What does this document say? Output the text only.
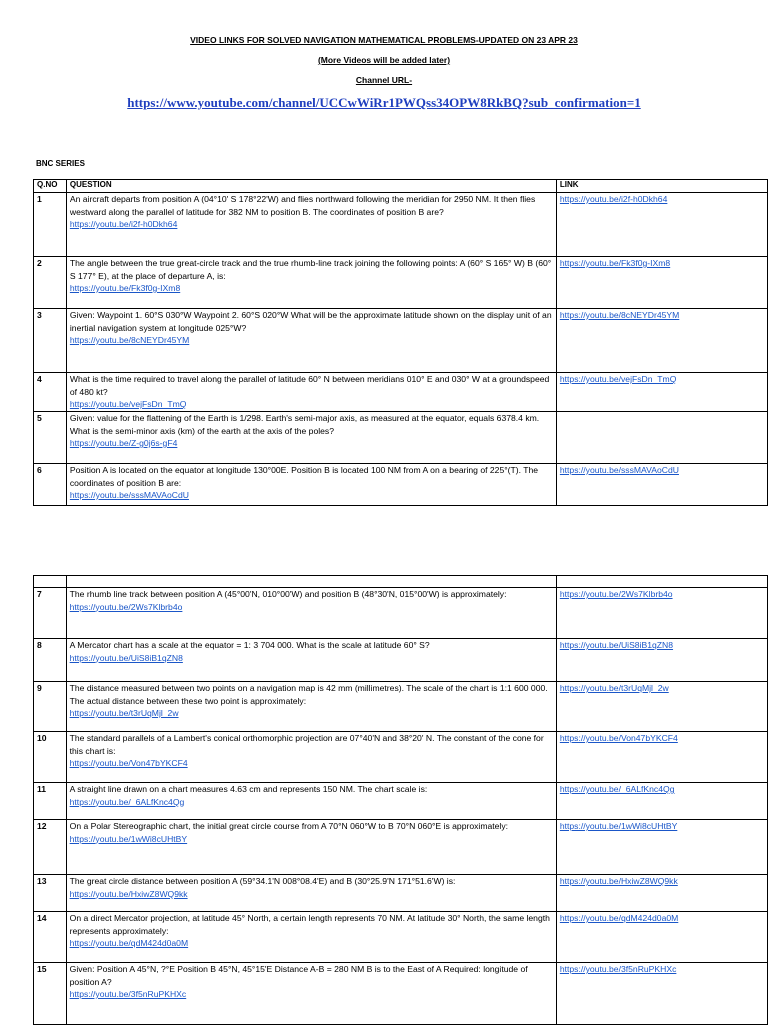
VIDEO LINKS FOR SOLVED NAVIGATION MATHEMATICAL PROBLEMS-UPDATED ON 23 APR 23
(More Videos will be added later)
Channel URL-
https://www.youtube.com/channel/UCCwWiRr1PWQss34OPW8RkBQ?sub_confirmation=1
BNC SERIES
Q.NO	QUESTION	LINK
1	An aircraft departs from position A (04°10' S 178°22'W) and flies northward following the meridian for 2950 NM. It then flies westward along the parallel of latitude for 382 NM to position B. The coordinates of position B are?
https://youtu.be/i2f-h0Dkh64	https://youtu.be/i2f-h0Dkh64

2	The angle between the true great-circle track and the true rhumb-line track joining the following points: A (60° S 165° W) B (60° S 177° E), at the place of departure A, is:
https://youtu.be/Fk3f0g-IXm8	https://youtu.be/Fk3f0g-IXm8

3	Given: Waypoint 1. 60°S 030°W Waypoint 2. 60°S 020°W What will be the approximate latitude shown on the display unit of an inertial navigation system at longitude 025°W?
https://youtu.be/8cNEYDr45YM	https://youtu.be/8cNEYDr45YM

4	What is the time required to travel along the parallel of latitude 60° N between meridians 010° E and 030° W at a groundspeed of 480 kt?
https://youtu.be/vejFsDn_TmQ	https://youtu.be/vejFsDn_TmQ

5	Given: value for the flattening of the Earth is 1/298. Earth's semi-major axis, as measured at the equator, equals 6378.4 km. What is the semi-minor axis (km) of the earth at the axis of the poles?
https://youtu.be/Z-g0j6s-gF4	

6	Position A is located on the equator at longitude 130°00E. Position B is located 100 NM from A on a bearing of 225°(T). The coordinates of position B are:
https://youtu.be/sssMAVAoCdU	https://youtu.be/sssMAVAoCdU

7	The rhumb line track between position A (45°00'N, 010°00'W) and position B (48°30'N, 015°00'W) is approximately:
https://youtu.be/2Ws7Klbrb4o	https://youtu.be/2Ws7Klbrb4o

8	A Mercator chart has a scale at the equator = 1: 3 704 000. What is the scale at latitude 60° S?
https://youtu.be/UiS8iB1qZN8	https://youtu.be/UiS8iB1qZN8

9	The distance measured between two points on a navigation map is 42 mm (millimetres). The scale of the chart is 1:1 600 000. The actual distance between these two point is approximately:
https://youtu.be/t3rUqMjl_2w	https://youtu.be/t3rUqMjl_2w

10	The standard parallels of a Lambert's conical orthomorphic projection are 07°40'N and 38°20' N. The constant of the cone for this chart is:
https://youtu.be/Von47bYKCF4	https://youtu.be/Von47bYKCF4

11	A straight line drawn on a chart measures 4.63 cm and represents 150 NM. The chart scale is:
https://youtu.be/_6ALfKnc4Qg	https://youtu.be/_6ALfKnc4Qg

12	On a Polar Stereographic chart, the initial great circle course from A 70°N 060°W to B 70°N 060°E is approximately:
https://youtu.be/1wWi8cUHtBY	https://youtu.be/1wWi8cUHtBY

13	The great circle distance between position A (59°34.1'N 008°08.4'E) and B (30°25.9'N 171°51.6'W) is:
https://youtu.be/HxiwZ8WQ9kk	https://youtu.be/HxiwZ8WQ9kk

14	On a direct Mercator projection, at latitude 45° North, a certain length represents 70 NM. At latitude 30° North, the same length represents approximately:
https://youtu.be/qdM424d0a0M	https://youtu.be/qdM424d0a0M

15	Given: Position A 45°N, ?°E Position B 45°N, 45°15'E Distance A-B = 280 NM B is to the East of A Required: longitude of position A?
https://youtu.be/3f5nRuPKHXc	https://youtu.be/3f5nRuPKHXc
